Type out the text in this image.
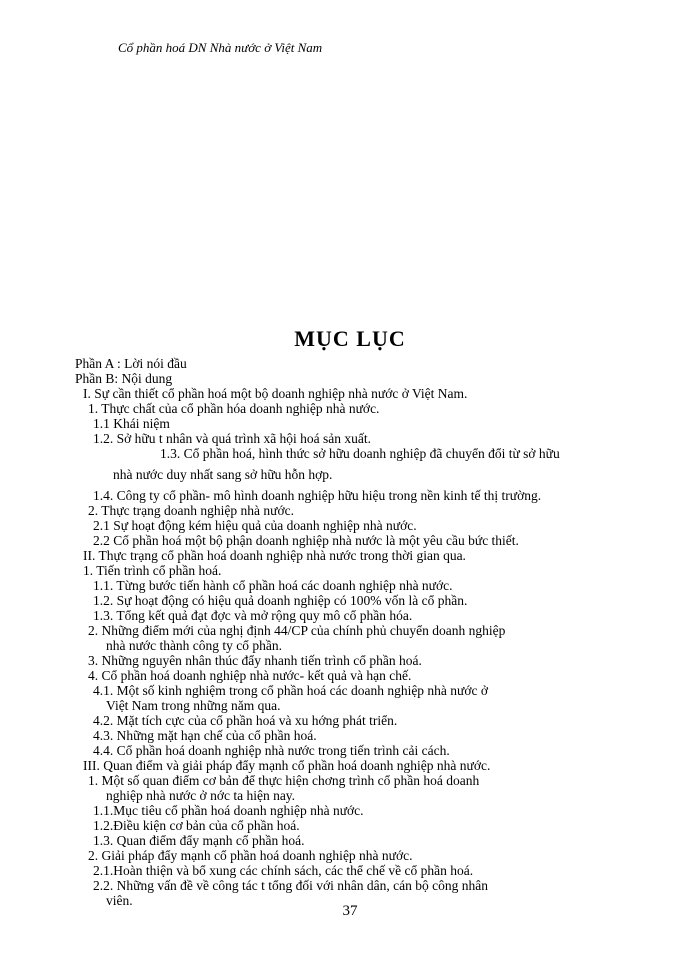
Cổ phần hoá DN Nhà nước ở Việt Nam
MỤC LỤC
Phần A : Lời nói đầu
Phần B: Nội dung
I. Sự cần thiết cổ phần hoá một bộ doanh nghiệp nhà nước ở Việt Nam.
1. Thực chất của cổ phần hóa doanh nghiệp nhà nước.
1.1 Khái niệm
1.2. Sở hữu t nhân và quá trình xã hội hoá sản xuất.
1.3. Cổ phần hoá, hình thức sở hữu doanh nghiệp đã chuyển đổi từ sở hữu
nhà nước duy nhất sang sở hữu hỗn hợp.
1.4. Công ty cổ phần- mô hình doanh nghiệp hữu hiệu trong nền kinh tế thị trường.
2. Thực trạng doanh nghiệp nhà nước.
2.1 Sự hoạt động kém hiệu quả của doanh nghiệp nhà nước.
2.2 Cổ phần hoá một bộ phận doanh nghiệp nhà nước là một yêu cầu bức thiết.
II. Thực trạng cổ phần hoá doanh nghiệp nhà nước trong thời gian qua.
1. Tiến trình cổ phần hoá.
1.1. Từng bước tiến hành cổ phần hoá các doanh nghiệp nhà nước.
1.2. Sự hoạt động có hiệu quả doanh nghiệp có 100% vốn là cổ phần.
1.3. Tổng kết quả đạt đợc và mở rộng quy mô cổ phần hóa.
2. Những điểm mới của nghị định 44/CP của chính phủ chuyển doanh nghiệp
nhà nước thành công ty cổ phần.
3. Những nguyên nhân thúc đẩy nhanh tiến trình cổ phần hoá.
4. Cổ phần hoá doanh nghiệp nhà nước- kết quả và hạn chế.
4.1. Một số kinh nghiệm trong cổ phần hoá các doanh nghiệp nhà nước ở
Việt Nam trong những năm qua.
4.2. Mặt tích cực của cổ phần hoá và xu hớng phát triển.
4.3. Những mặt hạn chế của cổ phần hoá.
4.4. Cổ phần hoá doanh nghiệp nhà nước trong tiến trình cải cách.
III. Quan điểm và giải pháp đẩy mạnh cổ phần hoá doanh nghiệp nhà nước.
1. Một số quan điểm cơ bản để thực hiện chơng trình cổ phần hoá doanh
nghiệp nhà nước ở nớc ta hiện nay.
1.1.Mục tiêu cổ phần hoá doanh nghiệp nhà nước.
1.2.Điều kiện cơ bản của cổ phần hoá.
1.3. Quan điểm đẩy mạnh cổ phần hoá.
2. Giải pháp đẩy mạnh cổ phần hoá doanh nghiệp nhà nước.
2.1.Hoàn thiện và bổ xung các chính sách, các thể chế về cổ phần hoá.
2.2. Những vấn đề về công tác t tổng đối với nhân dân, cán bộ công nhân
viên.
37
